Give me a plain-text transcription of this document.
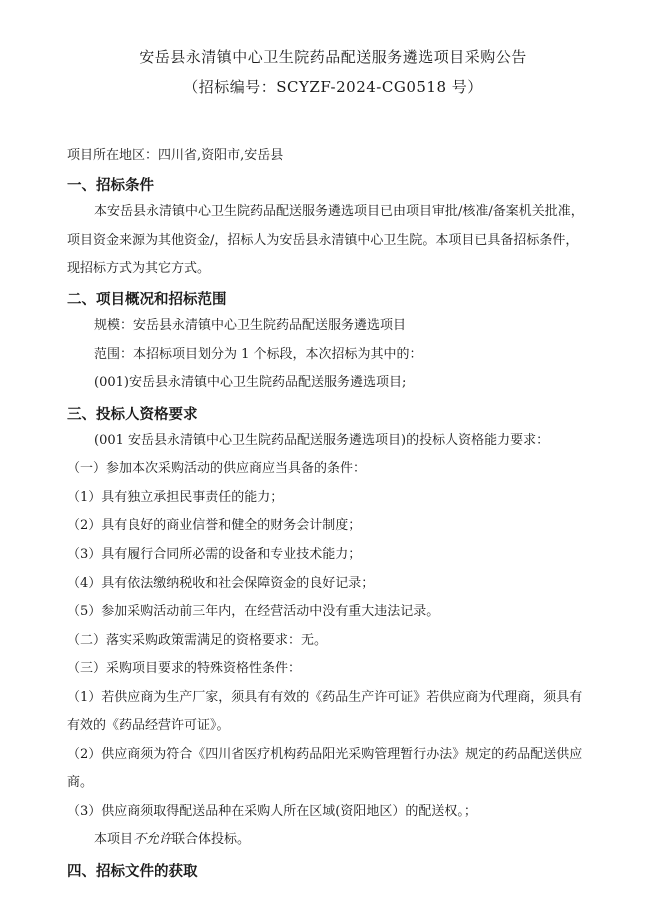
安岳县永清镇中心卫生院药品配送服务遴选项目采购公告
（招标编号：SCYZF-2024-CG0518 号）
项目所在地区：四川省,资阳市,安岳县
一、招标条件
本安岳县永清镇中心卫生院药品配送服务遴选项目已由项目审批/核准/备案机关批准，
项目资金来源为其他资金/，招标人为安岳县永清镇中心卫生院。本项目已具备招标条件，
现招标方式为其它方式。
二、项目概况和招标范围
规模：安岳县永清镇中心卫生院药品配送服务遴选项目
范围：本招标项目划分为 1 个标段，本次招标为其中的：
(001)安岳县永清镇中心卫生院药品配送服务遴选项目;
三、投标人资格要求
(001 安岳县永清镇中心卫生院药品配送服务遴选项目)的投标人资格能力要求：
（一）参加本次采购活动的供应商应当具备的条件：
（1）具有独立承担民事责任的能力；
（2）具有良好的商业信誉和健全的财务会计制度；
（3）具有履行合同所必需的设备和专业技术能力；
（4）具有依法缴纳税收和社会保障资金的良好记录；
（5）参加采购活动前三年内，在经营活动中没有重大违法记录。
（二）落实采购政策需满足的资格要求：无。
（三）采购项目要求的特殊资格性条件：
（1）若供应商为生产厂家，须具有有效的《药品生产许可证》若供应商为代理商，须具有
有效的《药品经营许可证》。
（2）供应商须为符合《四川省医疗机构药品阳光采购管理暂行办法》规定的药品配送供应
商。
（3）供应商须取得配送品种在采购人所在区域(资阳地区）的配送权。；
本项目不允许联合体投标。
四、招标文件的获取
